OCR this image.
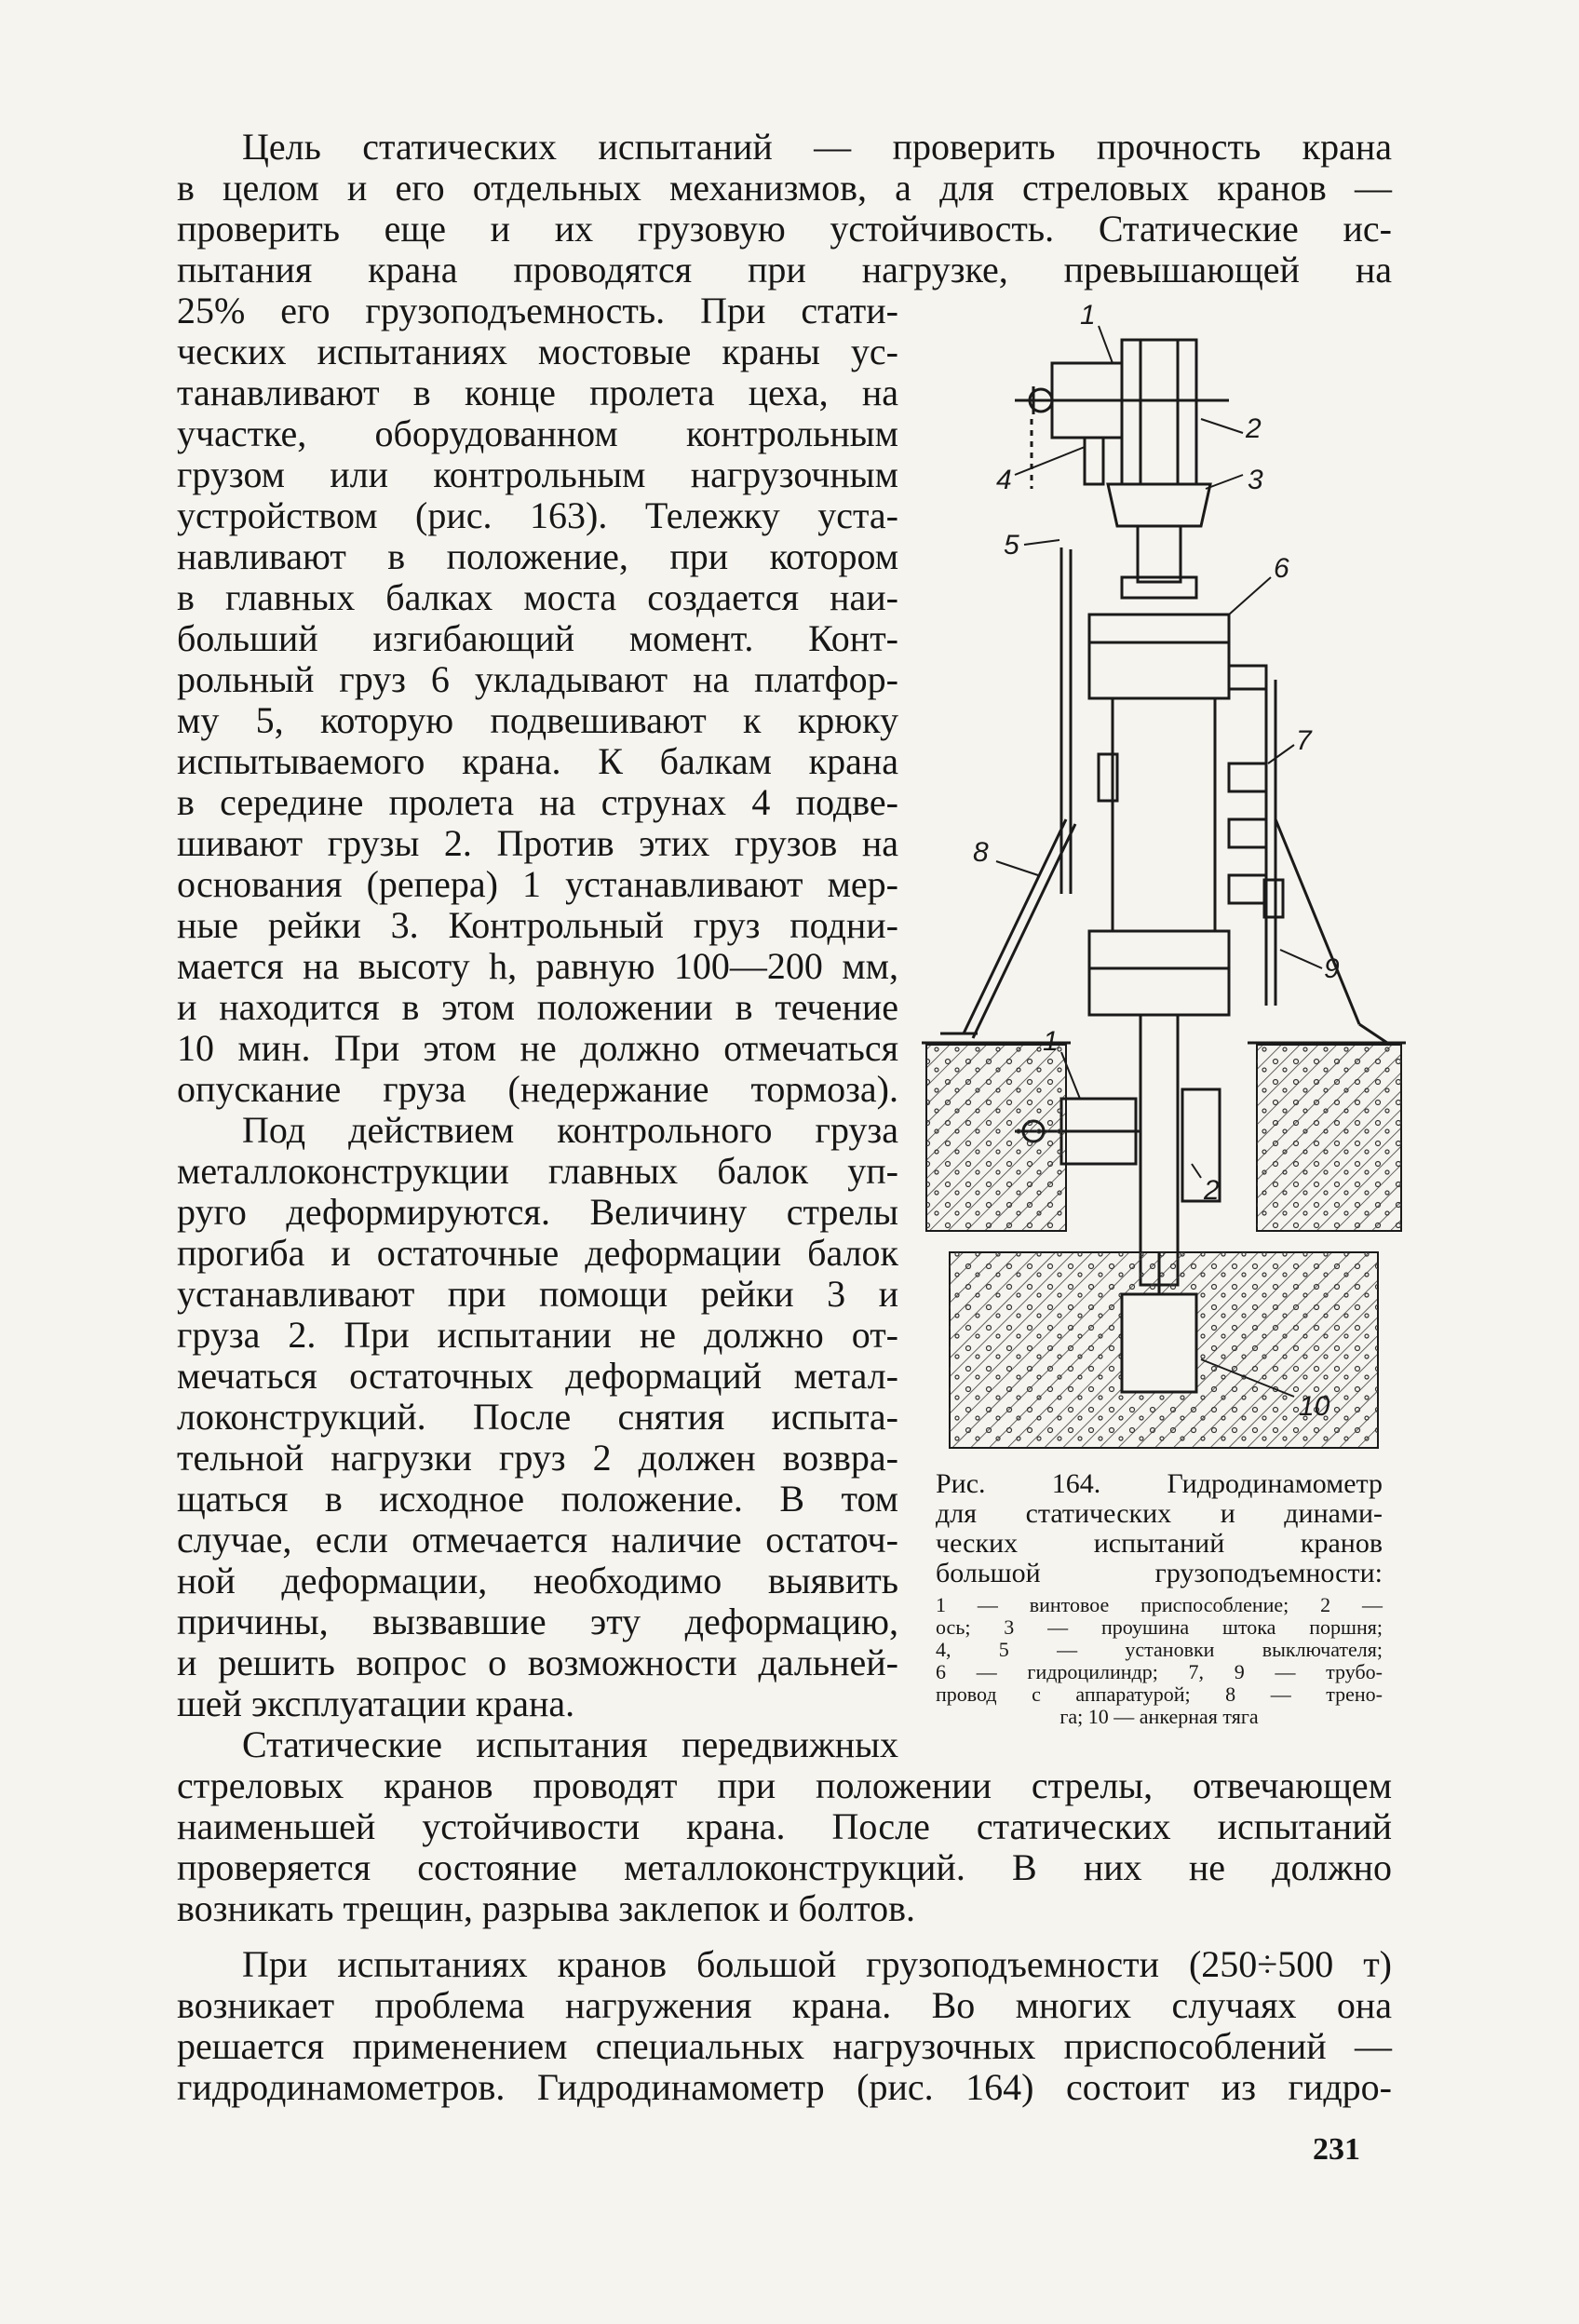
Цель статических испытаний — проверить прочность крана
в целом и его отдельных механизмов, а для стреловых кранов —
проверить еще и их грузовую устойчивость. Статические ис-
пытания крана проводятся при нагрузке, превышающей на
25% его грузоподъемность. При стати-
ческих испытаниях мостовые краны ус-
танавливают в конце пролета цеха, на
участке, оборудованном контрольным
грузом или контрольным нагрузочным
устройством (рис. 163). Тележку уста-
навливают в положение, при котором
в главных балках моста создается наи-
больший изгибающий момент. Конт-
рольный груз 6 укладывают на платфор-
му 5, которую подвешивают к крюку
испытываемого крана. К балкам крана
в середине пролета на струнах 4 подве-
шивают грузы 2. Против этих грузов на
основания (репера) 1 устанавливают мер-
ные рейки 3. Контрольный груз подни-
мается на высоту h, равную 100—200 мм,
и находится в этом положении в течение
10 мин. При этом не должно отмечаться
опускание груза (недержание тормоза).
Под действием контрольного груза
металлоконструкции главных балок уп-
руго деформируются. Величину стрелы
прогиба и остаточные деформации балок
устанавливают при помощи рейки 3 и
груза 2. При испытании не должно от-
мечаться остаточных деформаций метал-
локонструкций. После снятия испыта-
тельной нагрузки груз 2 должен возвра-
щаться в исходное положение. В том
случае, если отмечается наличие остаточ-
ной деформации, необходимо выявить
причины, вызвавшие эту деформацию,
и решить вопрос о возможности дальней-
шей эксплуатации крана.
Статические испытания передвижных
стреловых кранов проводят при положении стрелы, отвечающем
наименьшей устойчивости крана. После статических испытаний
проверяется состояние металлоконструкций. В них не должно
возникать трещин, разрыва заклепок и болтов.
При испытаниях кранов большой грузоподъемности (250÷500 т)
возникает проблема нагружения крана. Во многих случаях она
решается применением специальных нагрузочных приспособлений —
гидродинамометров. Гидродинамометр (рис. 164) состоит из гидро-
1
2
3
4
5
6
7
8
9
1
2
10
Рис. 164. Гидродинамометр
для статических и динами-
ческих испытаний кранов
большой грузоподъемности:
1 — винтовое приспособление; 2 —
ось; 3 — проушина штока поршня;
4, 5 — установки выключателя;
6 — гидроцилиндр; 7, 9 — трубо-
провод с аппаратурой; 8 — трено-
га; 10 — анкерная тяга
231
